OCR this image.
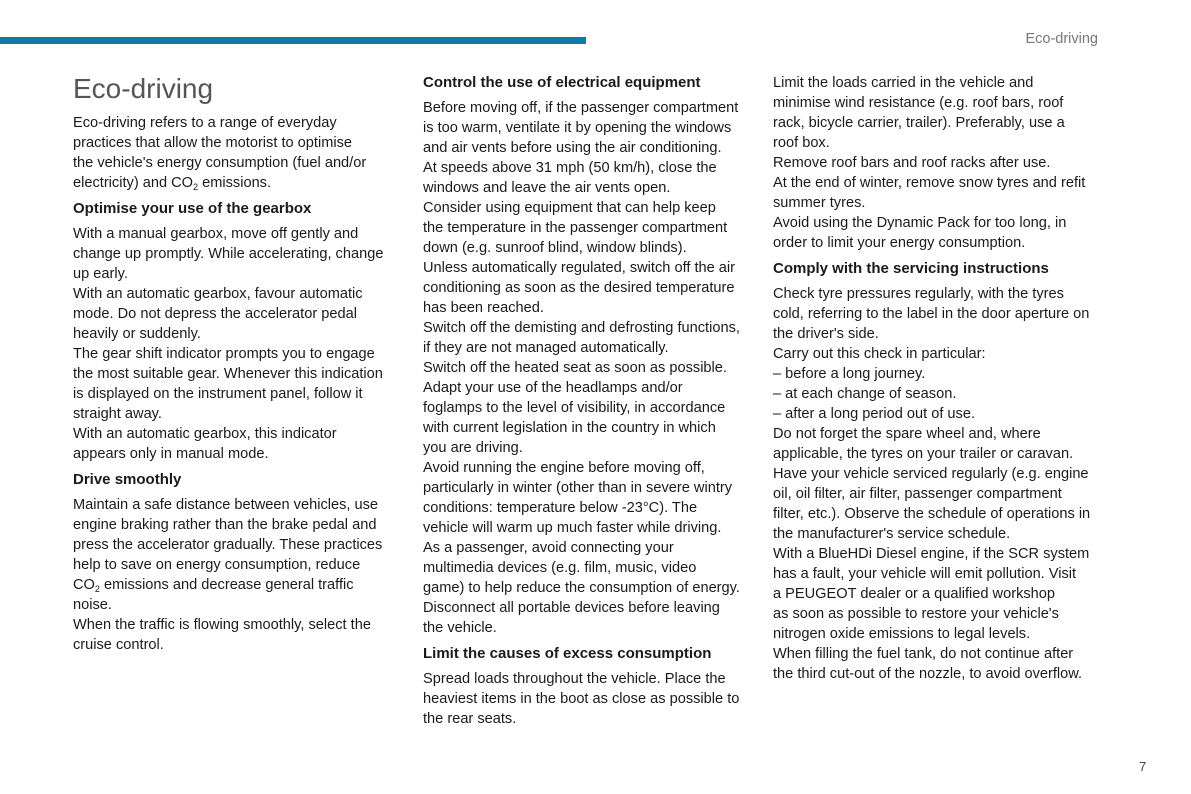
Eco-driving
Eco-driving

Eco-driving refers to a range of everyday
practices that allow the motorist to optimise
the vehicle's energy consumption (fuel and/or
electricity) and $CO_2$ emissions.

Optimise your use of the gearbox

With a manual gearbox, move off gently and
change up promptly. While accelerating, change
up early.
With an automatic gearbox, favour automatic
mode. Do not depress the accelerator pedal
heavily or suddenly.
The gear shift indicator prompts you to engage
the most suitable gear. Whenever this indication
is displayed on the instrument panel, follow it
straight away.
With an automatic gearbox, this indicator
appears only in manual mode.

Drive smoothly

Maintain a safe distance between vehicles, use
engine braking rather than the brake pedal and
press the accelerator gradually. These practices
help to save on energy consumption, reduce
$CO_2$ emissions and decrease general traffic
noise.
When the traffic is flowing smoothly, select the
cruise control.

Control the use of electrical equipment

Before moving off, if the passenger compartment
is too warm, ventilate it by opening the windows
and air vents before using the air conditioning.
At speeds above 31 mph (50 km/h), close the
windows and leave the air vents open.
Consider using equipment that can help keep
the temperature in the passenger compartment
down (e.g. sunroof blind, window blinds).
Unless automatically regulated, switch off the air
conditioning as soon as the desired temperature
has been reached.
Switch off the demisting and defrosting functions,
if they are not managed automatically.
Switch off the heated seat as soon as possible.
Adapt your use of the headlamps and/or
foglamps to the level of visibility, in accordance
with current legislation in the country in which
you are driving.
Avoid running the engine before moving off,
particularly in winter (other than in severe wintry
conditions: temperature below -23°C). The
vehicle will warm up much faster while driving.
As a passenger, avoid connecting your
multimedia devices (e.g. film, music, video
game) to help reduce the consumption of energy.
Disconnect all portable devices before leaving
the vehicle.

Limit the causes of excess consumption

Spread loads throughout the vehicle. Place the
heaviest items in the boot as close as possible to
the rear seats.

Limit the loads carried in the vehicle and
minimise wind resistance (e.g. roof bars, roof
rack, bicycle carrier, trailer). Preferably, use a
roof box.
Remove roof bars and roof racks after use.
At the end of winter, remove snow tyres and refit
summer tyres.
Avoid using the Dynamic Pack for too long, in
order to limit your energy consumption.

Comply with the servicing instructions

Check tyre pressures regularly, with the tyres
cold, referring to the label in the door aperture on
the driver's side.
Carry out this check in particular:

– before a long journey.

– at each change of season.

– after a long period out of use.

Do not forget the spare wheel and, where
applicable, the tyres on your trailer or caravan.
Have your vehicle serviced regularly (e.g. engine
oil, oil filter, air filter, passenger compartment
filter, etc.). Observe the schedule of operations in
the manufacturer's service schedule.
With a BlueHDi Diesel engine, if the SCR system
has a fault, your vehicle will emit pollution. Visit
a PEUGEOT dealer or a qualified workshop
as soon as possible to restore your vehicle's
nitrogen oxide emissions to legal levels.
When filling the fuel tank, do not continue after
the third cut-out of the nozzle, to avoid overflow.

7
